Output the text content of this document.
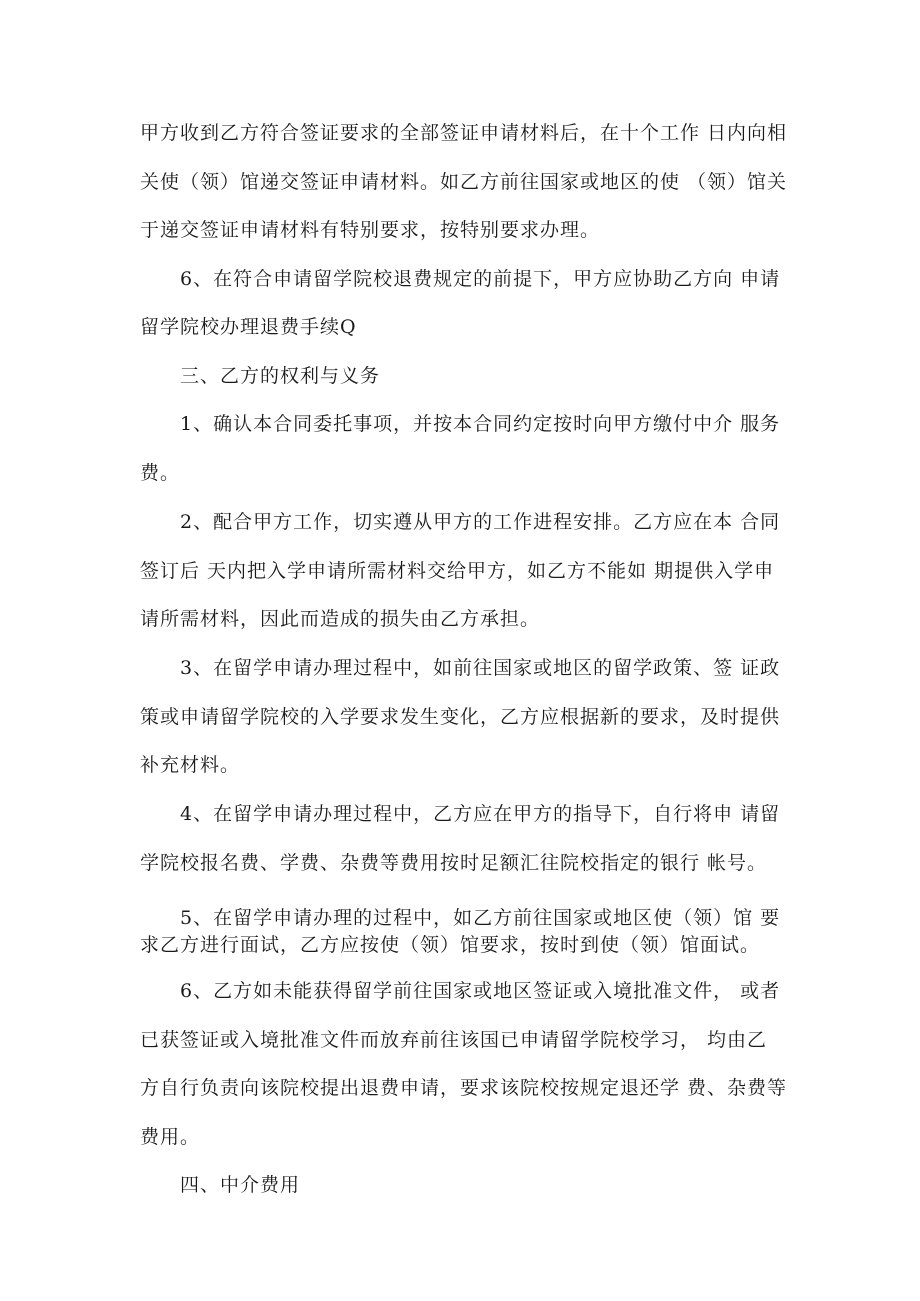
甲方收到乙方符合签证要求的全部签证申请材料后，在十个工作 日内向相
关使（领）馆递交签证申请材料。如乙方前往国家或地区的使 （领）馆关
于递交签证申请材料有特别要求，按特别要求办理。
6、在符合申请留学院校退费规定的前提下，甲方应协助乙方向 申请
留学院校办理退费手续Q
三、乙方的权利与义务
1、确认本合同委托事项，并按本合同约定按时向甲方缴付中介 服务
费。
2、配合甲方工作，切实遵从甲方的工作进程安排。乙方应在本 合同
签订后 天内把入学申请所需材料交给甲方，如乙方不能如 期提供入学申
请所需材料，因此而造成的损失由乙方承担。
3、在留学申请办理过程中，如前往国家或地区的留学政策、签 证政
策或申请留学院校的入学要求发生变化，乙方应根据新的要求，及时提供
补充材料。
4、在留学申请办理过程中，乙方应在甲方的指导下，自行将申 请留
学院校报名费、学费、杂费等费用按时足额汇往院校指定的银行 帐号。
5、在留学申请办理的过程中，如乙方前往国家或地区使（领）馆 要
求乙方进行面试，乙方应按使（领）馆要求，按时到使（领）馆面试。
6、乙方如未能获得留学前往国家或地区签证或入境批准文件， 或者
已获签证或入境批准文件而放弃前往该国已申请留学院校学习， 均由乙
方自行负责向该院校提出退费申请，要求该院校按规定退还学 费、杂费等
费用。
四、中介费用
